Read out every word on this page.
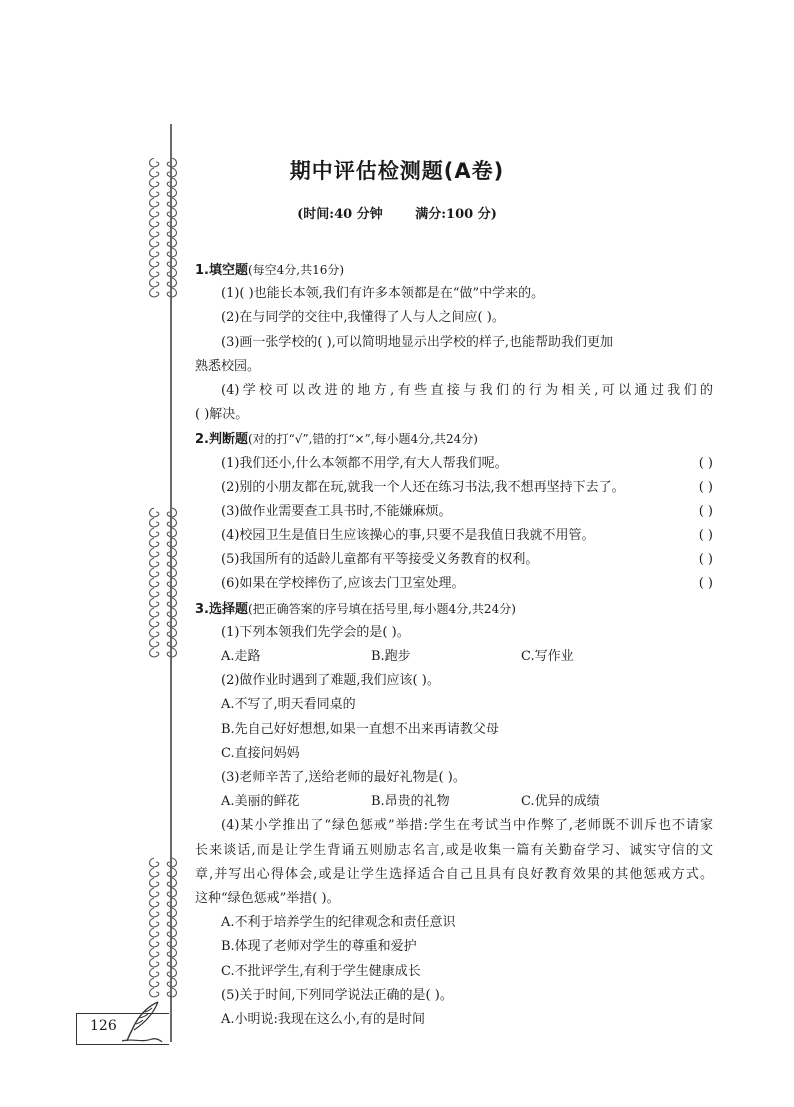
期中评估检测题(A卷)
(时间:40 分钟	满分:100 分)
1.填空题(每空4分,共16分)
(1)( )也能长本领,我们有许多本领都是在“做”中学来的。
(2)在与同学的交往中,我懂得了人与人之间应( )。
(3)画一张学校的( ),可以简明地显示出学校的样子,也能帮助我们更加
熟悉校园。
(4)学校可以改进的地方,有些直接与我们的行为相关,可以通过我们的
( )解决。
2.判断题(对的打“√”,错的打“×”,每小题4分,共24分)
(1)我们还小,什么本领都不用学,有大人帮我们呢。	( )
(2)别的小朋友都在玩,就我一个人还在练习书法,我不想再坚持下去了。	( )
(3)做作业需要查工具书时,不能嫌麻烦。	( )
(4)校园卫生是值日生应该操心的事,只要不是我值日我就不用管。	( )
(5)我国所有的适龄儿童都有平等接受义务教育的权利。	( )
(6)如果在学校摔伤了,应该去门卫室处理。	( )
3.选择题(把正确答案的序号填在括号里,每小题4分,共24分)
(1)下列本领我们先学会的是( )。
A.走路	B.跑步	C.写作业
(2)做作业时遇到了难题,我们应该( )。
A.不写了,明天看同桌的
B.先自己好好想想,如果一直想不出来再请教父母
C.直接问妈妈
(3)老师辛苦了,送给老师的最好礼物是( )。
A.美丽的鲜花	B.昂贵的礼物	C.优异的成绩
(4)某小学推出了“绿色惩戒”举措:学生在考试当中作弊了,老师既不训斥也不请家
长来谈话,而是让学生背诵五则励志名言,或是收集一篇有关勤奋学习、诚实守信的文
章,并写出心得体会,或是让学生选择适合自己且具有良好教育效果的其他惩戒方式。
这种“绿色惩戒”举措( )。
A.不利于培养学生的纪律观念和责任意识
B.体现了老师对学生的尊重和爱护
C.不批评学生,有利于学生健康成长
(5)关于时间,下列同学说法正确的是( )。
A.小明说:我现在这么小,有的是时间
126
